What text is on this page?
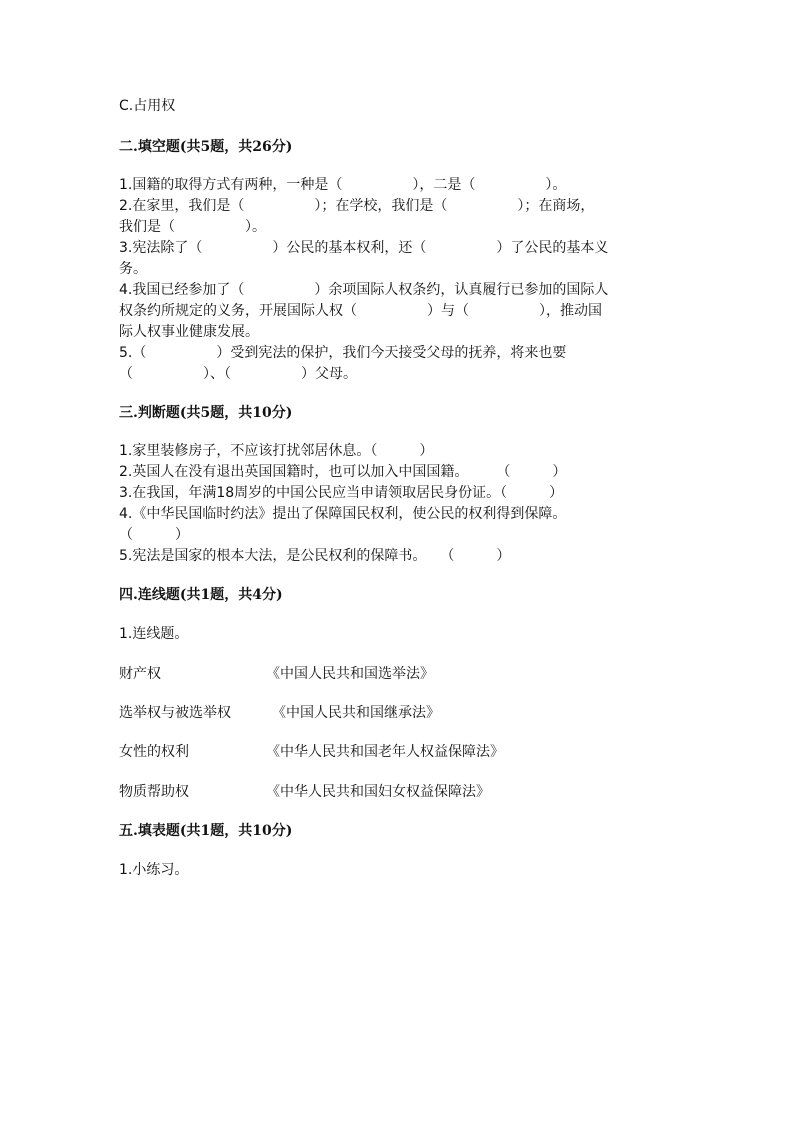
C.占用权
二.填空题(共5题，共26分)
1.国籍的取得方式有两种，一种是（　　　　　），二是（　　　　　）。
2.在家里，我们是（　　　　　）；在学校，我们是（　　　　　）；在商场，
我们是（　　　　　）。
3.宪法除了（　　　　　）公民的基本权利，还（　　　　　）了公民的基本义
务。
4.我国已经参加了（　　　　　）余项国际人权条约，认真履行已参加的国际人
权条约所规定的义务，开展国际人权（　　　　　）与（　　　　　），推动国
际人权事业健康发展。
5.（　　　　　）受到宪法的保护，我们今天接受父母的抚养，将来也要
（　　　　　）、（　　　　　）父母。
三.判断题(共5题，共10分)
1.家里装修房子，不应该打扰邻居休息。（　　　）
2.英国人在没有退出英国国籍时，也可以加入中国国籍。　　　（　　　）
3.在我国，年满18周岁的中国公民应当申请领取居民身份证。（　　　）
4.《中华民国临时约法》提出了保障国民权利，使公民的权利得到保障。
（　　　）
5.宪法是国家的根本大法，是公民权利的保障书。　　（　　　）
四.连线题(共1题，共4分)
1.连线题。
财产权	《中国人民共和国选举法》
选举权与被选举权	《中国人民共和国继承法》
女性的权利	《中华人民共和国老年人权益保障法》
物质帮助权	《中华人民共和国妇女权益保障法》
五.填表题(共1题，共10分)
1.小练习。
